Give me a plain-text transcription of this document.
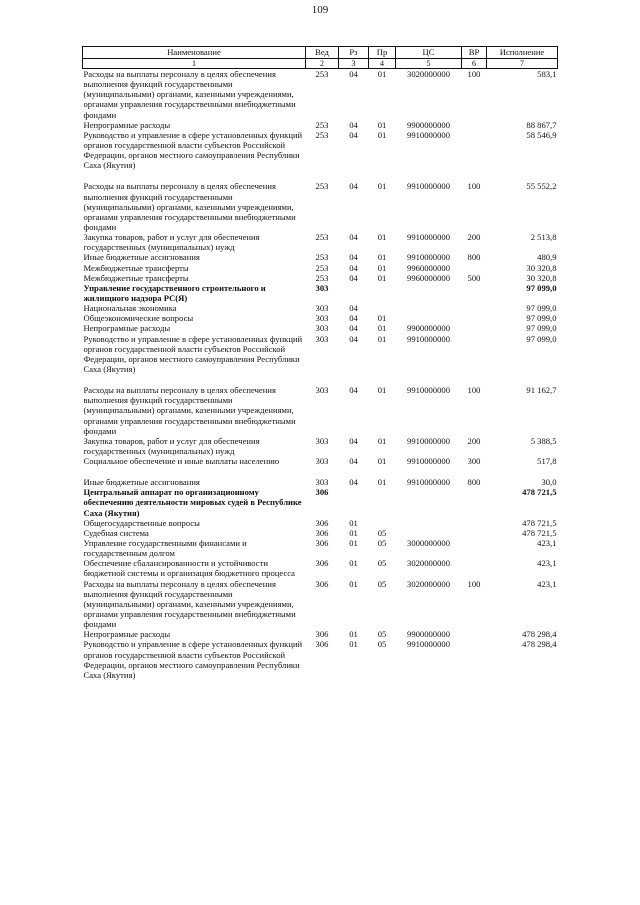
109
Наименование	Вед	Рз	Пр	ЦС	ВР	Исполнение
1	2	3	4	5	6	7
Расходы на выплаты персоналу в целях обеспечения выполнения функций государственными (муниципальными) органами, казенными учреждениями, органами управления государственными внебюджетными фондами	253	04	01	3020000000	100	583,1
Непрограмные расходы	253	04	01	9900000000		88 867,7
Руководство и управление в сфере установленных функций органов государственной власти субъектов Российской Федерации, органов местного самоуправления Республики Саха (Якутия)	253	04	01	9910000000		58 546,9

Расходы на выплаты персоналу в целях обеспечения выполнения функций государственными (муниципальными) органами, казенными учреждениями, органами управления государственными внебюджетными фондами	253	04	01	9910000000	100	55 552,2
Закупка товаров, работ и услуг для обеспечения государственных (муниципальных) нужд	253	04	01	9910000000	200	2 513,8
Иные бюджетные ассигнования	253	04	01	9910000000	800	480,9
Межбюджетные трансферты	253	04	01	9960000000		30 320,8
Межбюджетные трансферты	253	04	01	9960000000	500	30 320,8
Управление государственного строительного и жилищного надзора РС(Я)	303					97 099,0
Национальная экономика	303	04				97 099,0
Общеэкономические вопросы	303	04	01			97 099,0
Непрограмные расходы	303	04	01	9900000000		97 099,0
Руководство и управление в сфере установленных функций органов государственной власти субъектов Российской Федерации, органов местного самоуправления Республики Саха (Якутия)	303	04	01	9910000000		97 099,0

Расходы на выплаты персоналу в целях обеспечения выполнения функций государственными (муниципальными) органами, казенными учреждениями, органами управления государственными внебюджетными фондами	303	04	01	9910000000	100	91 162,7
Закупка товаров, работ и услуг для обеспечения государственных (муниципальных) нужд	303	04	01	9910000000	200	5 388,5
Социальное обеспечение и иные выплаты населению	303	04	01	9910000000	300	517,8

Иные бюджетные ассигнования	303	04	01	9910000000	800	30,0
Центральный аппарат по организационному обеспечению деятельности мировых судей в Республике Саха (Якутия)	306					478 721,5
Общегосударственные вопросы	306	01				478 721,5
Судебная система	306	01	05			478 721,5
Управление государственными финансами и государственным долгом	306	01	05	3000000000		423,1
Обеспечение сбалансированности и устойчивости бюджетной системы и организация бюджетного процесса	306	01	05	3020000000		423,1
Расходы на выплаты персоналу в целях обеспечения выполнения функций государственными (муниципальными) органами, казенными учреждениями, органами управления государственными внебюджетными фондами	306	01	05	3020000000	100	423,1
Непрограмные расходы	306	01	05	9900000000		478 298,4
Руководство и управление в сфере установленных функций органов государственной власти субъектов Российской Федерации, органов местного самоуправления Республики Саха (Якутия)	306	01	05	9910000000		478 298,4
